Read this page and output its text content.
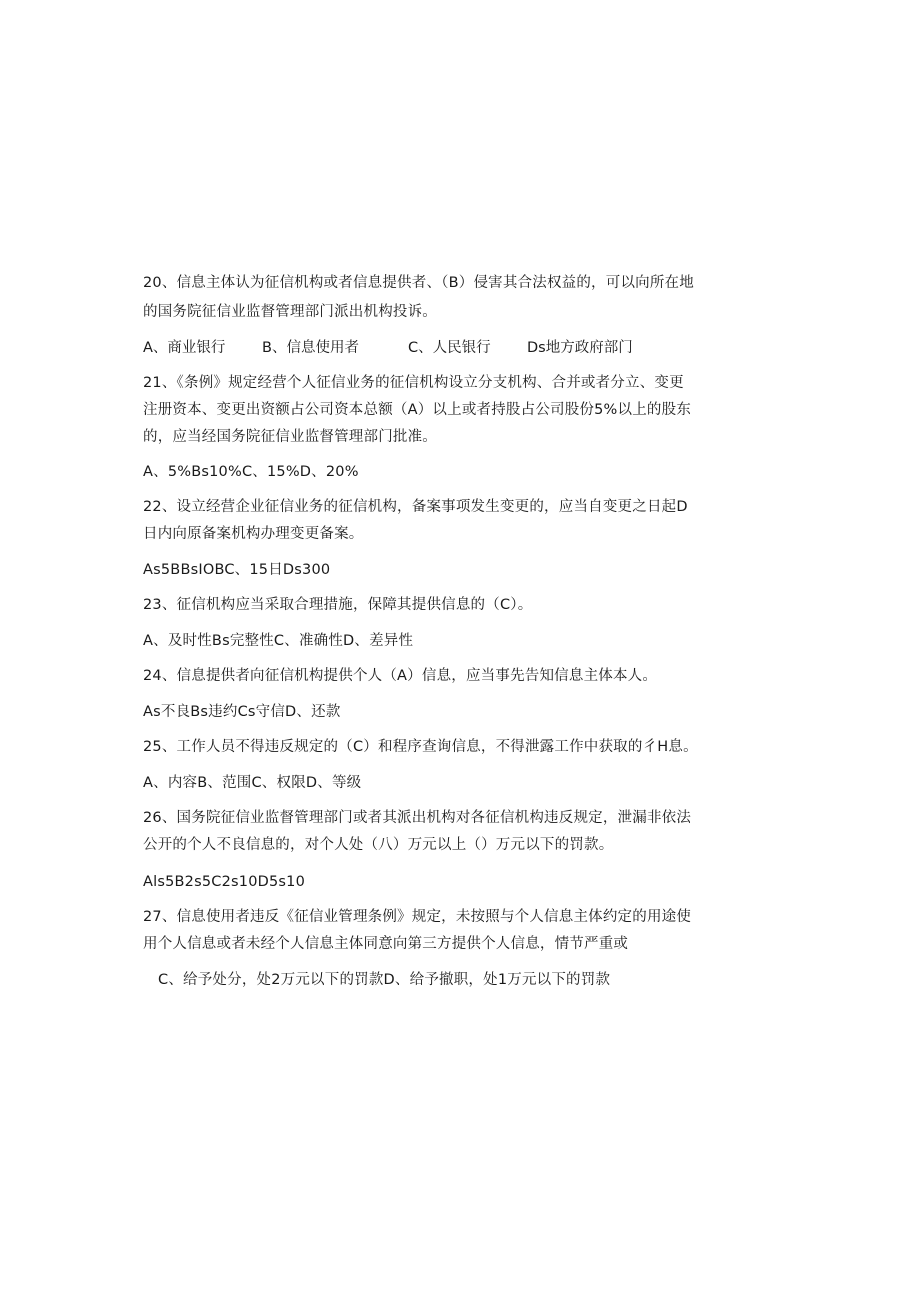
20、信息主体认为征信机构或者信息提供者、（B）侵害其合法权益的，可以向所在地
的国务院征信业监督管理部门派出机构投诉。
A、商业银行	B、信息使用者	C、人民银行	Ds地方政府部门
21、《条例》规定经营个人征信业务的征信机构设立分支机构、合并或者分立、变更
注册资本、变更出资额占公司资本总额（A）以上或者持股占公司股份5%以上的股东
的，应当经国务院征信业监督管理部门批准。
A、5%Bs10%C、15%D、20%
22、设立经营企业征信业务的征信机构，备案事项发生变更的，应当自变更之日起D
日内向原备案机构办理变更备案。
As5BBsIOBC、15日Ds300
23、征信机构应当采取合理措施，保障其提供信息的（C）。
A、及时性Bs完整性C、准确性D、差异性
24、信息提供者向征信机构提供个人（A）信息，应当事先告知信息主体本人。
As不良Bs违约Cs守信D、还款
25、工作人员不得违反规定的（C）和程序查询信息，不得泄露工作中获取的彳H息。
A、内容B、范围C、权限D、等级
26、国务院征信业监督管理部门或者其派出机构对各征信机构违反规定，泄漏非依法
公开的个人不良信息的，对个人处（八）万元以上（）万元以下的罚款。
Als5B2s5C2s10D5s10
27、信息使用者违反《征信业管理条例》规定，未按照与个人信息主体约定的用途使
用个人信息或者未经个人信息主体同意向第三方提供个人信息，情节严重或
C、给予处分，处2万元以下的罚款D、给予撤职，处1万元以下的罚款
